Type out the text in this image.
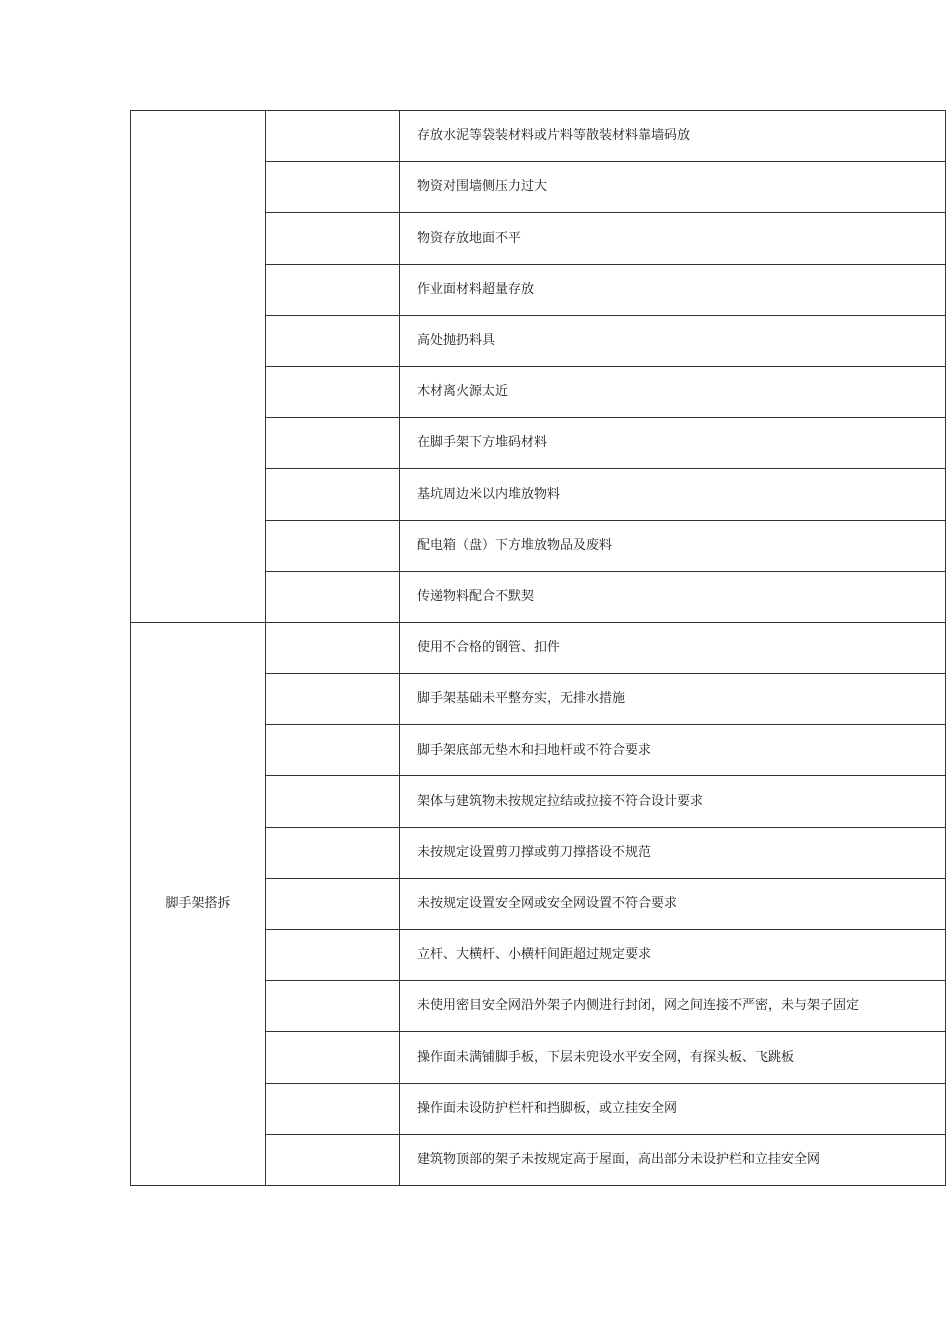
		存放水泥等袋装材料或片料等散装材料靠墙码放
		物资对围墙侧压力过大
		物资存放地面不平
		作业面材料超量存放
		高处抛扔料具
		木材离火源太近
		在脚手架下方堆码材料
		基坑周边米以内堆放物料
		配电箱（盘）下方堆放物品及废料
		传递物料配合不默契
脚手架搭拆		使用不合格的钢管、扣件
		脚手架基础未平整夯实，无排水措施
		脚手架底部无垫木和扫地杆或不符合要求
		架体与建筑物未按规定拉结或拉接不符合设计要求
		未按规定设置剪刀撑或剪刀撑搭设不规范
		未按规定设置安全网或安全网设置不符合要求
		立杆、大横杆、小横杆间距超过规定要求
		未使用密目安全网沿外架子内侧进行封闭，网之间连接不严密，未与架子固定
		操作面未满铺脚手板，下层未兜设水平安全网，有探头板、飞跳板
		操作面未设防护栏杆和挡脚板，或立挂安全网
		建筑物顶部的架子未按规定高于屋面，高出部分未设护栏和立挂安全网
